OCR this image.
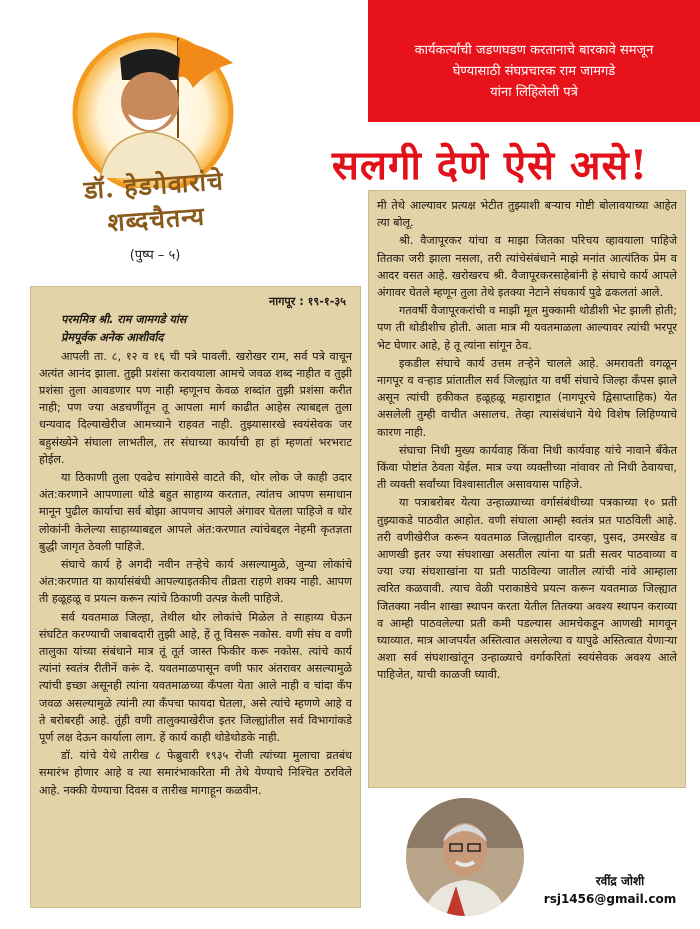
डॉ. हेडगेवारांचे शब्दचैतन्य
(पुष्प – ५)
कार्यकर्त्यांची जडणघडण करतानाचे बारकावे समजून
घेण्यासाठी संघप्रचारक राम जामगडे
यांना लिहिलेली पत्रे
सलगी देणे ऐसे असे!

नागपूर : १९-१-३५

परममित्र श्री. राम जामगडे यांस

प्रेमपूर्वक अनेक आशीर्वाद

आपली ता. ८, १२ व १६ ची पत्रे पावली. खरोखर राम, सर्व पत्रे वाचून अत्यंत आनंद झाला. तुझी प्रशंसा करावयाला आमचे जवळ शब्द नाहीत व तुझी प्रशंसा तुला आवडणार पण नाही म्हणूनच केवळ शब्दांत तुझी प्रशंसा करीत नाही; पण ज्या अडचणींतून तू आपला मार्ग काढीत आहेस त्याबद्दल तुला धन्यवाद दिल्याखेरीज आमच्याने राहवत नाही. तुझ्यासारखे स्वयंसेवक जर बहुसंख्येने संघाला लाभतील, तर संघाच्या कार्याची हा हां म्हणतां भरभराट होईल.

या ठिकाणी तुला एवढेच सांगावेसे वाटते की, थोर लोक जे काही उदार अंत:करणाने आपणाला थोडे बहुत साहाय्य करतात, त्यांतच आपण समाधान मानून पुढील कार्याचा सर्व बोझा आपणच आपले अंगावर घेतला पाहिजे व थोर लोकांनी केलेल्या साहाय्याबद्दल आपले अंत:करणात त्यांचेबद्दल नेहमी कृतज्ञता बुद्धी जागृत ठेवली पाहिजे.

संघाचे कार्य हे अगदी नवीन तऱ्हेचे कार्य असल्यामुळे, जुन्या लोकांचे अंत:करणात या कार्यासंबंधी आपल्याइतकीच तीव्रता राहणे शक्य नाही. आपण ती हळूहळू व प्रयत्न करून त्यांचे ठिकाणी उत्पन्न केली पाहिजे.

सर्व यवतमाळ जिल्हा, तेथील थोर लोकांचे मिळेल ते साहाय्य घेऊन संघटित करण्याची जबाबदारी तुझी आहे, हें तू विसरू नकोस. वणी संघ व वणी तालुका यांच्या संबंधाने मात्र तूं तूर्त जास्त फिकीर करू नकोस. त्यांचे कार्य त्यांनां स्वतंत्र रीतीनें करूं दे. यवतमाळपासून वणी फार अंतरावर असल्यामुळे त्यांची इच्छा असूनही त्यांना यवतमाळच्या कँपला येता आले नाही व चांदा कँप जवळ असल्यामुळे त्यांनी त्या कँपचा फायदा घेतला, असे त्यांचे म्हणणे आहे व ते बरोबरही आहे. तूंही वणी तालुक्याखेरीज इतर जिल्ह्यांतील सर्व विभागांकडे पूर्ण लक्ष देऊन कार्याला लाग. हें कार्य काही थोडेथोडके नाही.

डॉ. यांचे येथे तारीख ८ फेब्रुवारी १९३५ रोजी त्यांच्या मुलाचा व्रतबंध समारंभ होणार आहे व त्या समारंभाकरिता मी तेथे येण्याचे निश्चित ठरविले आहे. नक्की येण्याचा दिवस व तारीख मागाहून कळवीन.

मी तेथे आल्यावर प्रत्यक्ष भेटीत तुझ्याशी बऱ्याच गोष्टी बोलावयाच्या आहेत त्या बोलू.

श्री. वैजापूरकर यांचा व माझा जितका परिचय व्हावयाला पाहिजे तितका जरी झाला नसला, तरी त्यांचेसंबंधाने माझे मनांत आत्यंतिक प्रेम व आदर वसत आहे. खरोखरच श्री. वैजापूरकरसाहेबांनी हे संघाचे कार्य आपले अंगावर घेतले म्हणून तुला तेथे इतक्या नेटाने संघकार्य पुढे ढकलतां आले.

गतवर्षी वैजापूरकरांची व माझी मूल मुक्कामी थोडीशी भेट झाली होती; पण ती थोडीशीच होती. आता मात्र मी यवतमाळला आल्यावर त्यांची भरपूर भेट घेणार आहे, हे तू त्यांना सांगून ठेव.

इकडील संघाचे कार्य उत्तम तऱ्हेने चालले आहे. अमरावती वगळून नागपूर व वऱ्हाड प्रांतातील सर्व जिल्ह्यांत या वर्षी संघाचे जिल्हा कँपस झाले असून त्यांची हकीकत हळूहळू महाराष्ट्रात (नागपूरचे द्विसाप्ताहिक) येत असलेली तुम्ही वाचीत असालच. तेव्हा त्यासंबंधाने येथे विशेष लिहिण्याचे कारण नाही.

संघाचा निधी मुख्य कार्यवाह किंवा निधी कार्यवाह यांचे नावाने बँकेत किंवा पोष्टांत ठेवता येईल. मात्र ज्या व्यक्तीच्या नांवावर तो निधी ठेवायचा, ती व्यक्ती सर्वांच्या विश्वासातील असावयास पाहिजे.

या पत्राबरोबर येत्या उन्हाळ्याच्या वर्गासंबंधीच्या पत्रकाच्या १० प्रती तुझ्याकडे पाठवीत आहोत. वणी संघाला आम्ही स्वतंत्र प्रत पाठविली आहे. तरी वणीखेरीज करून यवतमाळ जिल्ह्यातील दारव्हा, पुसद, उमरखेड व आणखी इतर ज्या संघशाखा असतील त्यांना या प्रती सत्वर पाठवाव्या व ज्या ज्या संघशाखांना या प्रती पाठविल्या जातील त्यांची नांवे आम्हाला त्वरित कळवावी. त्याच वेळी पराकाष्ठेचे प्रयत्न करून यवतमाळ जिल्ह्यात जितक्या नवीन शाखा स्थापन करता येतील तितक्या अवश्य स्थापन कराव्या व आम्ही पाठवलेल्या प्रती कमी पडल्यास आमचेकडून आणखी मागवून घ्याव्यात. मात्र आजपर्यंत अस्तित्वात असलेल्या व यापुढे अस्तित्वात येणाऱ्या अशा सर्व संघशाखांतून उन्हाळ्याचे वर्गाकरितां स्वयंसेवक अवश्य आले पाहिजेत, याची काळजी घ्यावी.

रवींद्र जोशी
rsj1456@gmail.com
